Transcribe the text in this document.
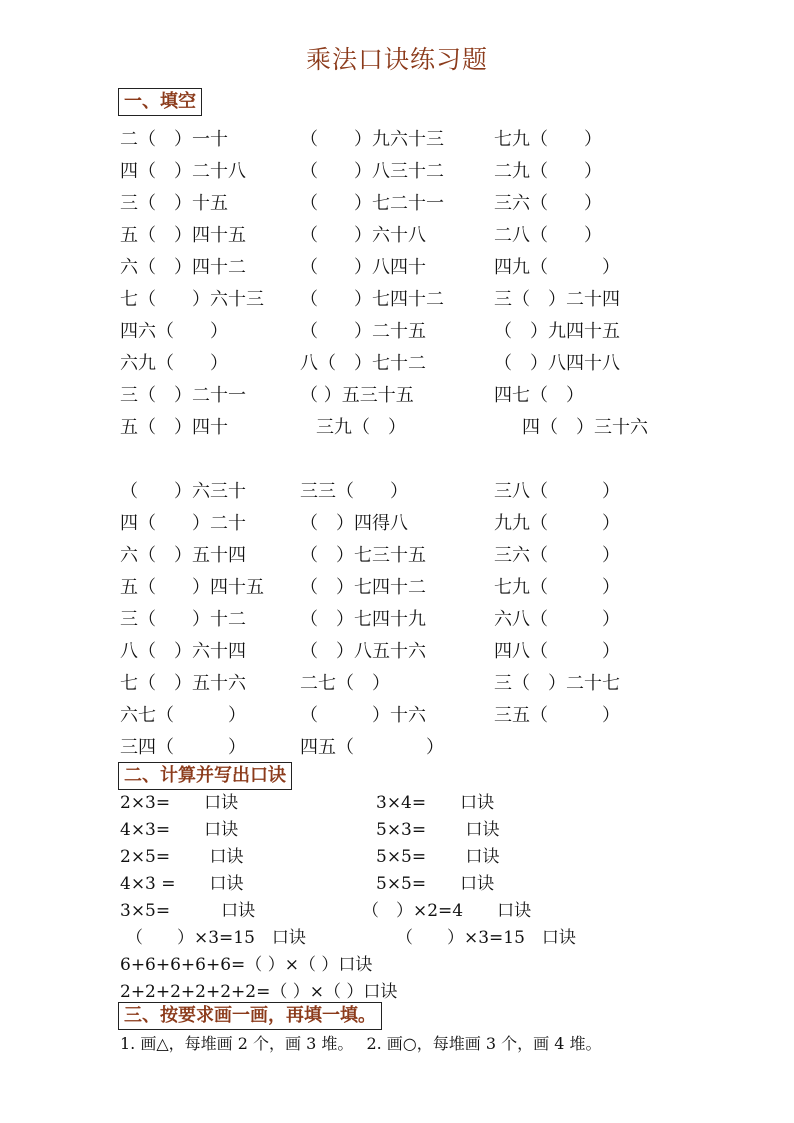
乘法口诀练习题
一、填空
二（　）一十	（　　）九六十三	七九（　　）
四（　）二十八	（　　）八三十二	二九（　　）
三（　）十五	（　　）七二十一	三六（　　）
五（　）四十五	（　　）六十八	二八（　　）
六（　）四十二	（　　）八四十	四九（　　　）
七（　　）六十三 （　　）七四十二	三（　）二十四
四六（　　）	（　　）二十五	（　）九四十五
六九（　　）	八（　）七十二	（　）八四十八
三（　）二十一	（ ）五三十五	四七（　）
五（　）四十	三九（　）	四（　）三十六
（　　）六三十	三三（　　）	三八（　　　）
四（　　）二十	（　）四得八	九九（　　　）
六（　）五十四	（　）七三十五	三六（　　　）
五（　　）四十五 （　）七四十二	七九（　　　）
三（　　）十二	（　）七四十九	六八（　　　）
八（　）六十四	（　）八五十六	四八（　　　）
七（　）五十六	二七（　）	三（　）二十七
六七（　　　）	（　　　）十六	三五（　　　）
三四（　　　）	四五（　　　　）
二、计算并写出口诀
2×3=　　口诀	3×4=　　口诀
4×3=　　口诀	5×3=　　 口诀
2×5=　　 口诀	5×5=　　 口诀
4×3 =　　口诀	5×5=　　口诀
3×5=　　　口诀	（　）×2=4　　口诀
（　　）×3=15　口诀	（　　）×3=15　口诀
6+6+6+6+6=（ ）×（ ）口诀
2+2+2+2+2+2=（ ）×（ ）口诀
三、按要求画一画，再填一填。
1. 画△，每堆画 2 个，画 3 堆。　 2. 画○，每堆画 3 个，画 4 堆。
